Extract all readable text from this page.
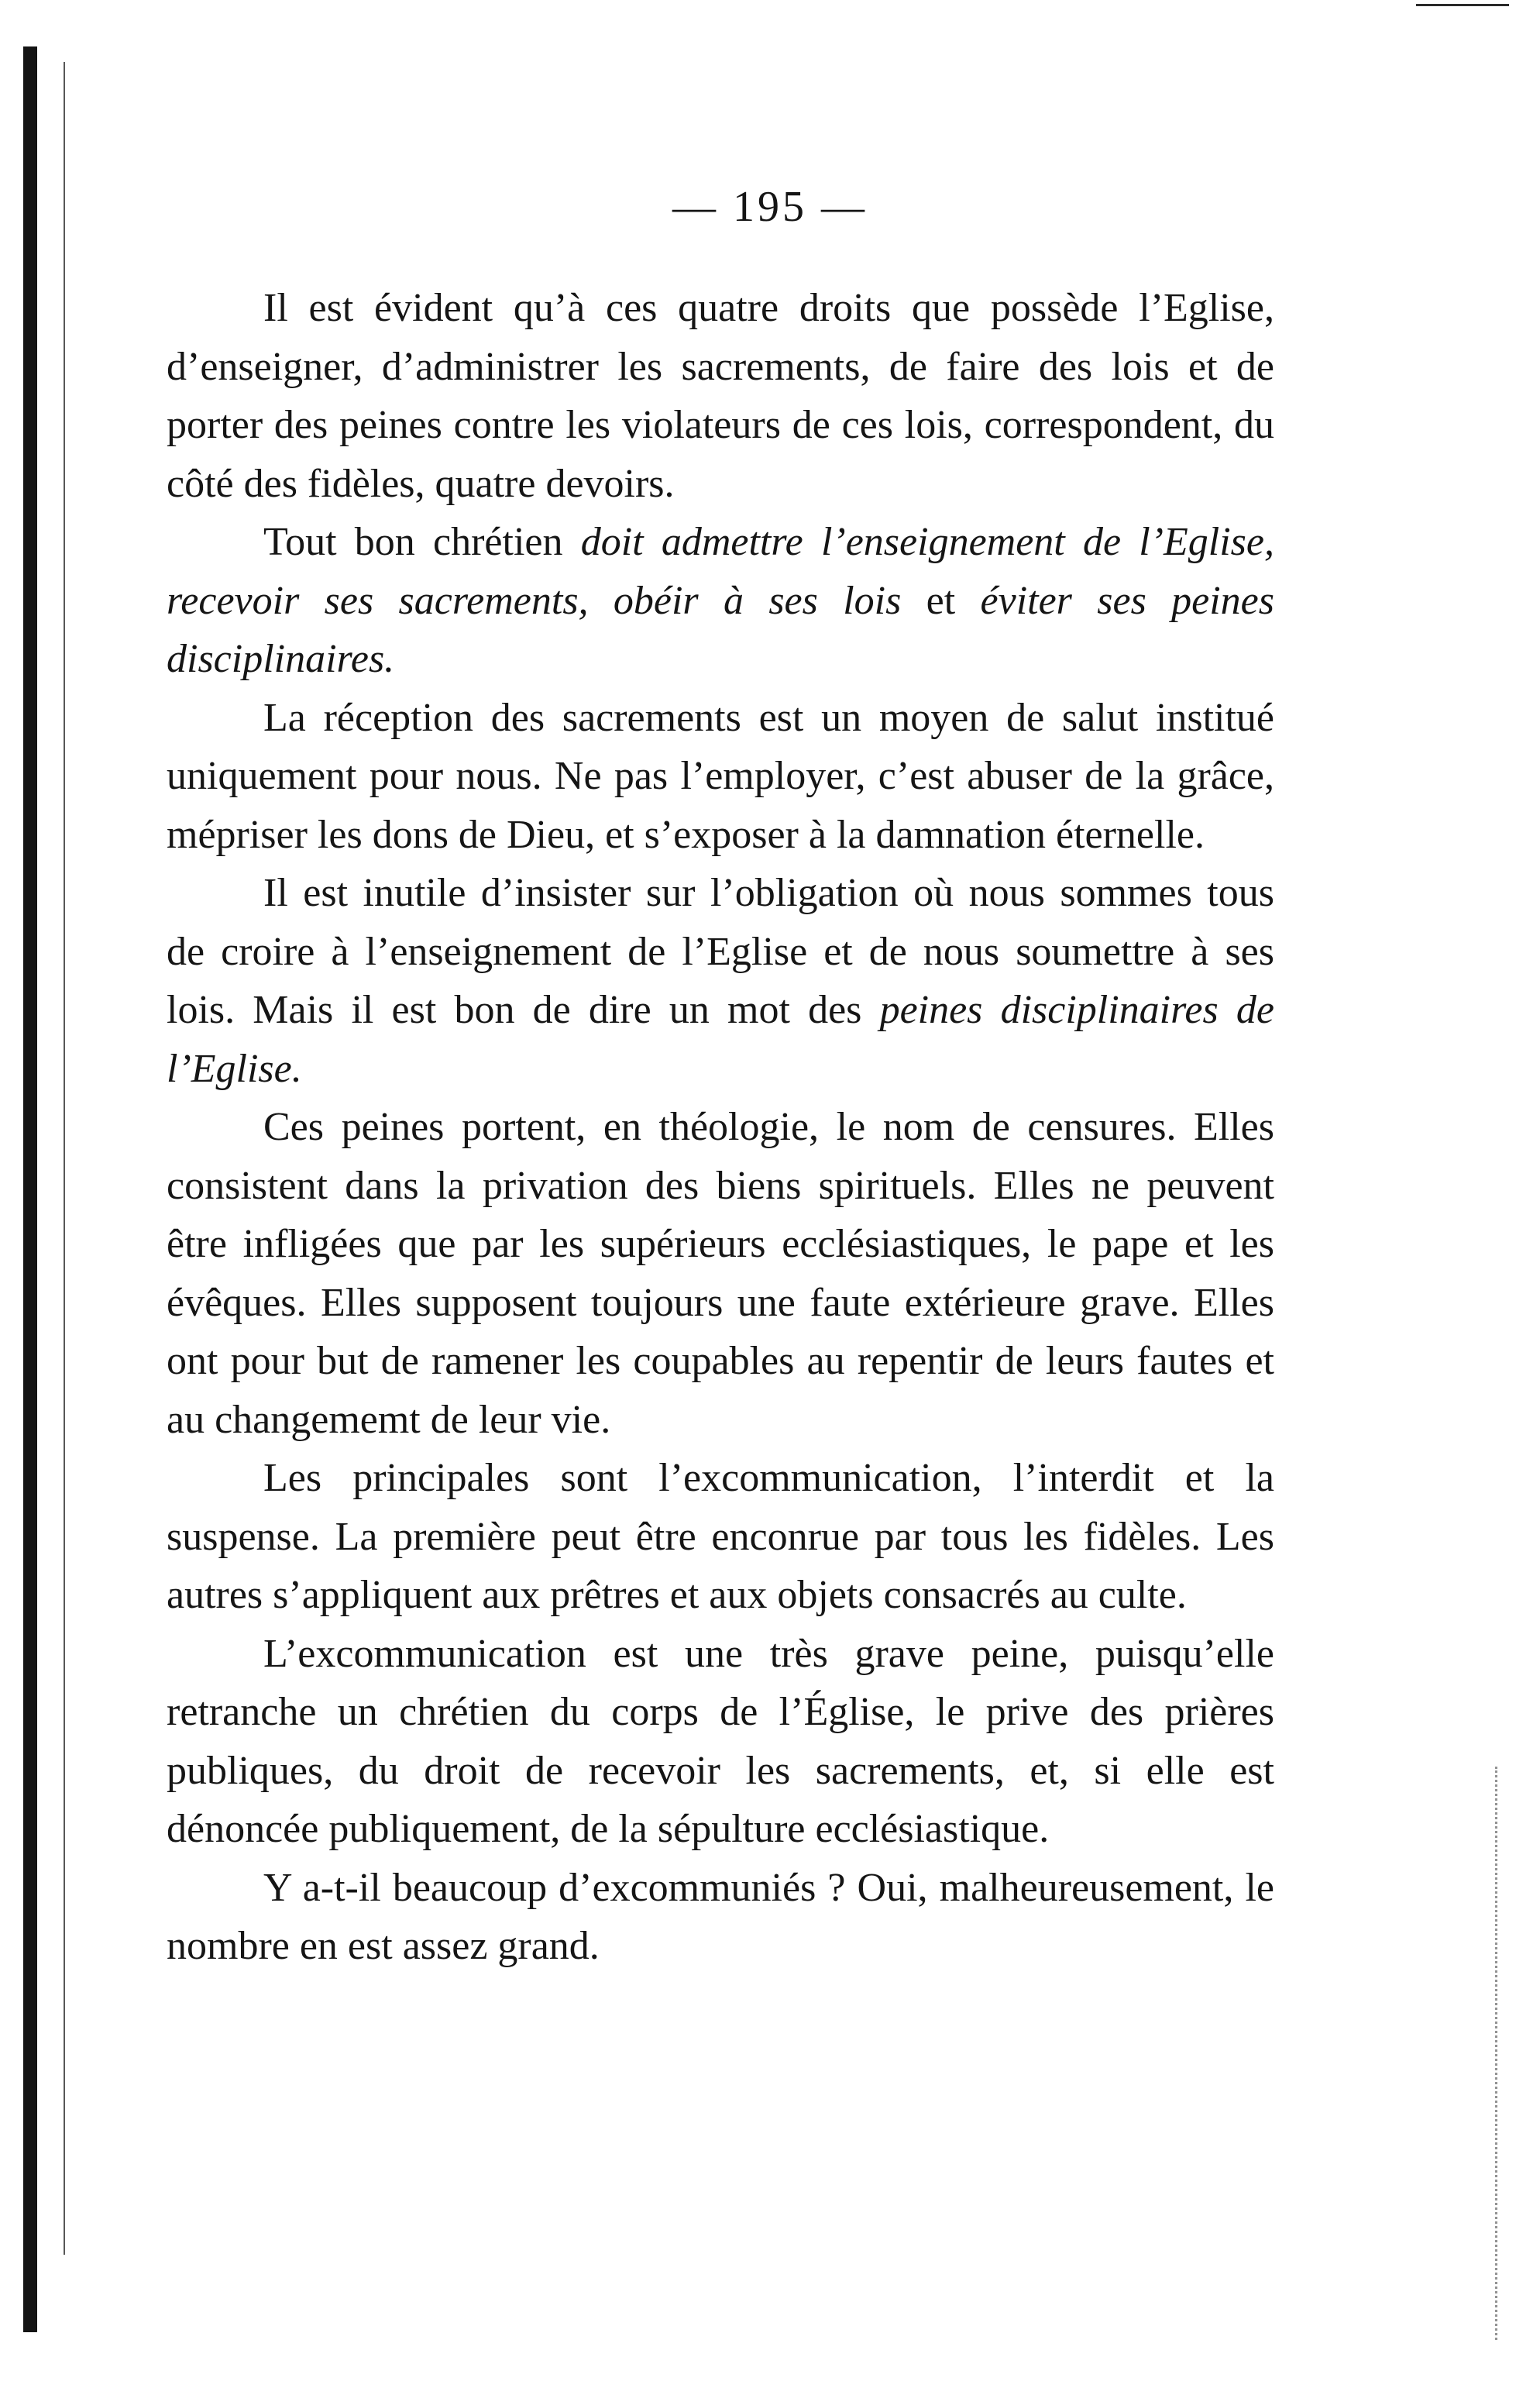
— 195 —

Il est évident qu’à ces quatre droits que possède l’Eglise, d’enseigner, d’administrer les sacrements, de faire des lois et de porter des peines contre les violateurs de ces lois, correspondent, du côté des fidèles, quatre devoirs.

Tout bon chrétien doit admettre l’enseignement de l’Eglise, recevoir ses sacrements, obéir à ses lois et éviter ses peines disciplinaires.

La réception des sacrements est un moyen de salut institué uniquement pour nous. Ne pas l’employer, c’est abuser de la grâce, mépriser les dons de Dieu, et s’exposer à la damnation éternelle.

Il est inutile d’insister sur l’obligation où nous sommes tous de croire à l’enseignement de l’Eglise et de nous soumettre à ses lois. Mais il est bon de dire un mot des peines disciplinaires de l’Eglise.

Ces peines portent, en théologie, le nom de censures. Elles consistent dans la privation des biens spirituels. Elles ne peuvent être infligées que par les supérieurs ecclésiastiques, le pape et les évêques. Elles supposent toujours une faute extérieure grave. Elles ont pour but de ramener les coupables au repentir de leurs fautes et au changememt de leur vie.

Les principales sont l’excommunication, l’interdit et la suspense. La première peut être enconrue par tous les fidèles. Les autres s’appliquent aux prêtres et aux objets consacrés au culte.

L’excommunication est une très grave peine, puisqu’elle retranche un chrétien du corps de l’Église, le prive des prières publiques, du droit de recevoir les sacrements, et, si elle est dénoncée publiquement, de la sépulture ecclésiastique.

Y a-t-il beaucoup d’excommuniés ? Oui, malheureusement, le nombre en est assez grand.
